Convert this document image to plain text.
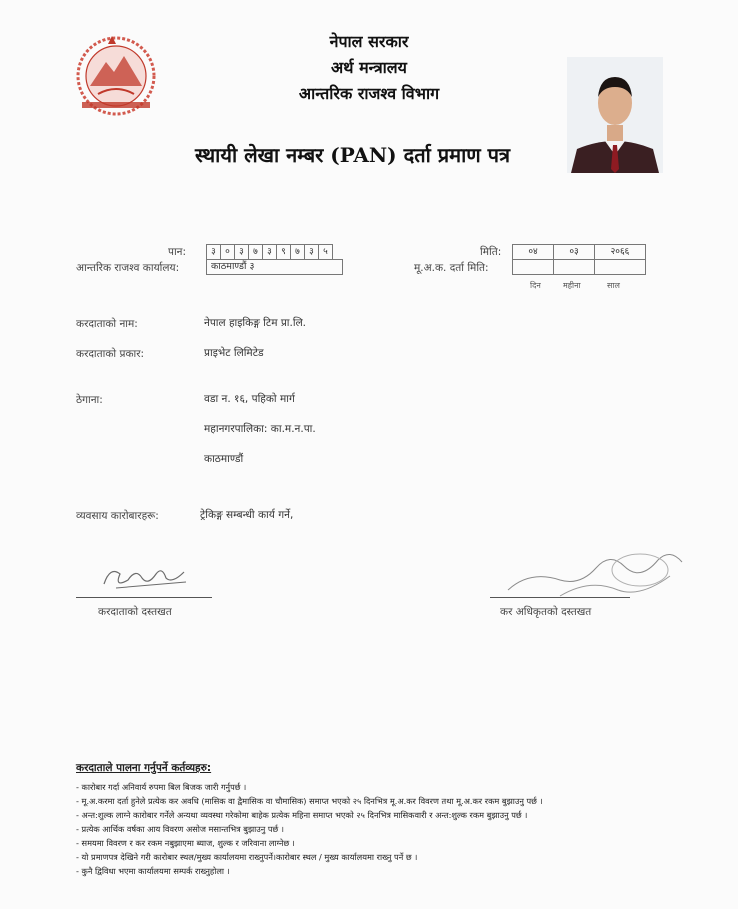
नेपाल सरकार
अर्थ मन्त्रालय
आन्तरिक राजश्व विभाग
स्थायी लेखा नम्बर (PAN) दर्ता प्रमाण पत्र
पान:	३	०	३	७	३	९	७	३	५
आन्तरिक राजश्व कार्यालय:	काठमाण्डौं ३
मिति:	०४	०३	२०६६
मू.अ.क. दर्ता मिति:
दिन	महीना	साल
करदाताको नाम:	नेपाल हाइकिङ्ग टिम प्रा.लि.
करदाताको प्रकार:	प्राइभेट लिमिटेड
ठेगाना:	वडा न. १६, पहिको मार्ग
महानगरपालिका: का.म.न.पा.
काठमाण्डौं
व्यवसाय कारोबारहरू:	ट्रेकिङ्ग सम्बन्धी कार्य गर्ने,
करदाताको दस्तखत	कर अधिकृतको दस्तखत
करदाताले पालना गर्नुपर्ने कर्तव्यहरु:
- कारोबार गर्दा अनिवार्य रुपमा बिल बिजक जारी गर्नुपर्छ ।
- मू.अ.करमा दर्ता हुनेले प्रत्येक कर अवधि (मासिक वा द्वैमासिक वा चौमासिक) समाप्त भएको २५ दिनभित्र मू.अ.कर विवरण तथा मू.अ.कर रकम बुझाउनु पर्छ ।
- अन्त:शुल्क लाग्ने कारोबार गर्नेले अन्यथा व्यवस्था गरेकोमा बाहेक प्रत्येक महिना समाप्त भएको २५ दिनभित्र मासिकवारी र अन्त:शुल्क रकम बुझाउनु पर्छ ।
- प्रत्येक आर्थिक वर्षका आय विवरण असोज मसान्तभित्र बुझाउनु पर्छ ।
- समयमा विवरण र कर रकम नबुझाएमा ब्याज, शुल्क र जरिवाना लाग्नेछ ।
- यो प्रमाणपत्र देखिने गरी कारोबार स्थल/मुख्य कार्यालयमा राख्नुपर्ने।कारोबार स्थल / मुख्य कार्यालयमा राख्नु पर्ने छ ।
- कुनै द्विविधा भएमा कार्यालयमा सम्पर्क राख्नुहोला ।
